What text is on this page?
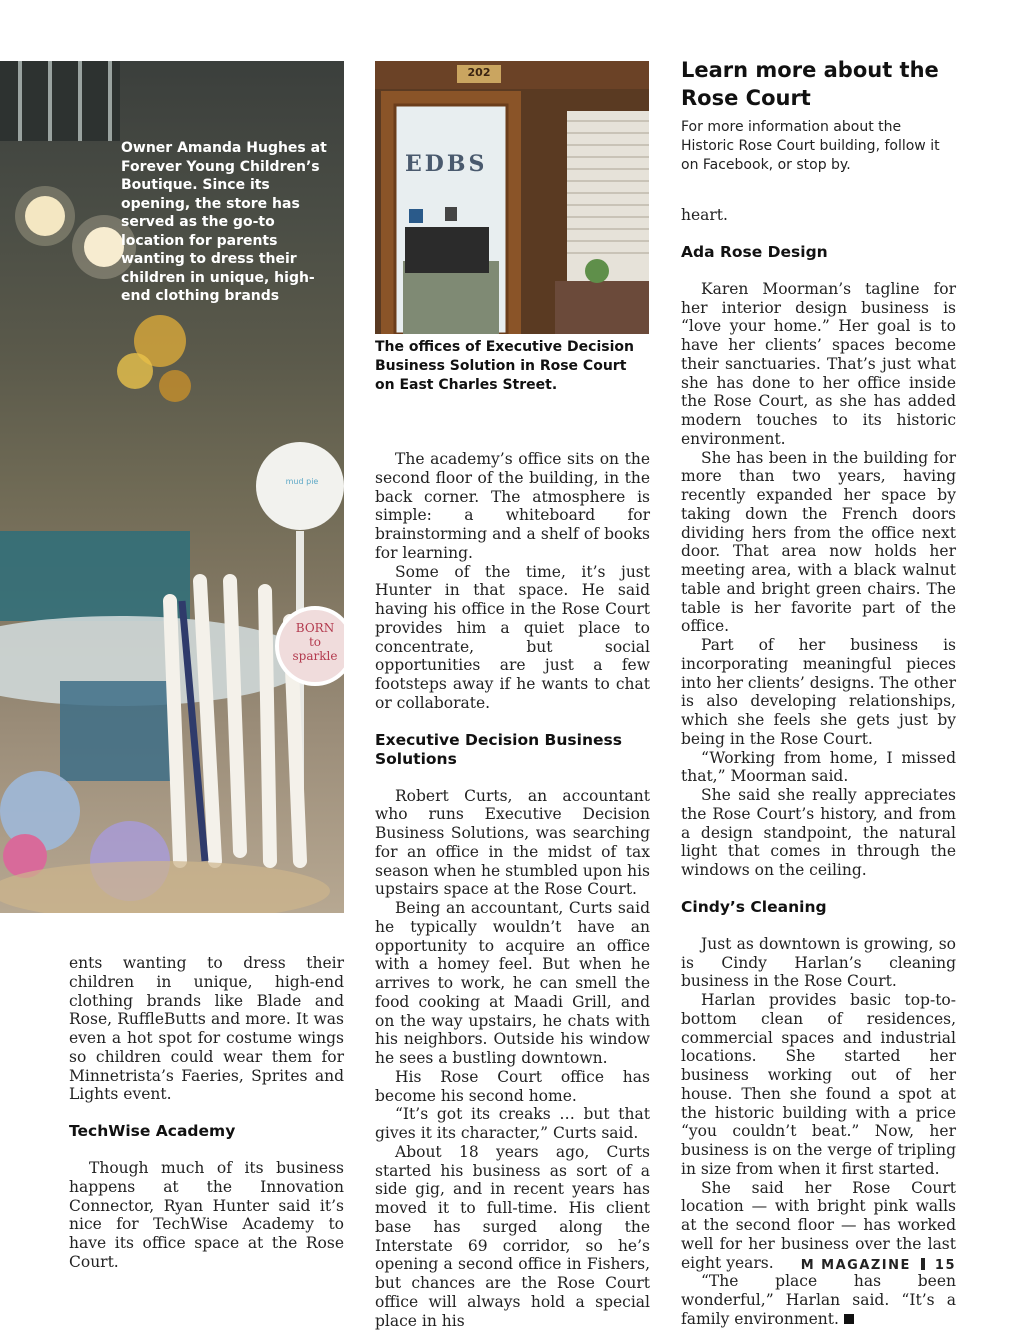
Owner Amanda Hughes at Forever Young Children’s Boutique. Since its opening, the store has served as the go-to location for parents wanting to dress their children in unique, high-end clothing brands
BORN to sparkle
mud pie
202
EDBS
The offices of Executive Decision Business Solution in Rose Court on East Charles Street.
Learn more about the Rose Court
For more information about the Historic Rose Court building, follow it on Facebook, or stop by.

ents wanting to dress their children in unique, high-end clothing brands like Blade and Rose, RuffleButts and more. It was even a hot spot for costume wings so children could wear them for Minnetrista’s Faeries, Sprites and Lights event.

TechWise Academy

Though much of its business happens at the Innovation Connector, Ryan Hunter said it’s nice for TechWise Academy to have its office space at the Rose Court.

The academy’s office sits on the second floor of the building, in the back corner. The atmosphere is simple: a whiteboard for brainstorming and a shelf of books for learning.

Some of the time, it’s just Hunter in that space. He said having his office in the Rose Court provides him a quiet place to concentrate, but social opportunities are just a few footsteps away if he wants to chat or collaborate.

Executive Decision Business Solutions

Robert Curts, an accountant who runs Executive Decision Business Solutions, was searching for an office in the midst of tax season when he stumbled upon his upstairs space at the Rose Court.

Being an accountant, Curts said he typically wouldn’t have an opportunity to acquire an office with a homey feel. But when he arrives to work, he can smell the food cooking at Maadi Grill, and on the way upstairs, he chats with his neighbors. Outside his window he sees a bustling downtown.

His Rose Court office has become his second home.

“It’s got its creaks … but that gives it its character,” Curts said.

About 18 years ago, Curts started his business as sort of a side gig, and in recent years has moved it to full-time. His client base has surged along the Interstate 69 corridor, so he’s opening a second office in Fishers, but chances are the Rose Court office will always hold a special place in his

heart.

Ada Rose Design

Karen Moorman’s tagline for her interior design business is “love your home.” Her goal is to have her clients’ spaces become their sanctuaries. That’s just what she has done to her office inside the Rose Court, as she has added modern touches to its historic environment.

She has been in the building for more than two years, having recently expanded her space by taking down the French doors dividing hers from the office next door. That area now holds her meeting area, with a black walnut table and bright green chairs. The table is her favorite part of the office.

Part of her business is incorporating meaningful pieces into her clients’ designs. The other is also developing relationships, which she feels she gets just by being in the Rose Court.

“Working from home, I missed that,” Moorman said.

She said she really appreciates the Rose Court’s history, and from a design standpoint, the natural light that comes in through the windows on the ceiling.

Cindy’s Cleaning

Just as downtown is growing, so is Cindy Harlan’s cleaning business in the Rose Court.

Harlan provides basic top-to-bottom clean of residences, commercial spaces and industrial locations. She started her business working out of her house. Then she found a spot at the historic building with a price “you couldn’t beat.” Now, her business is on the verge of tripling in size from when it first started.

She said her Rose Court location — with bright pink walls at the second floor — has worked well for her business over the last eight years.

“The place has been wonderful,” Harlan said. “It’s a family environment.

M MAGAZINE 15
